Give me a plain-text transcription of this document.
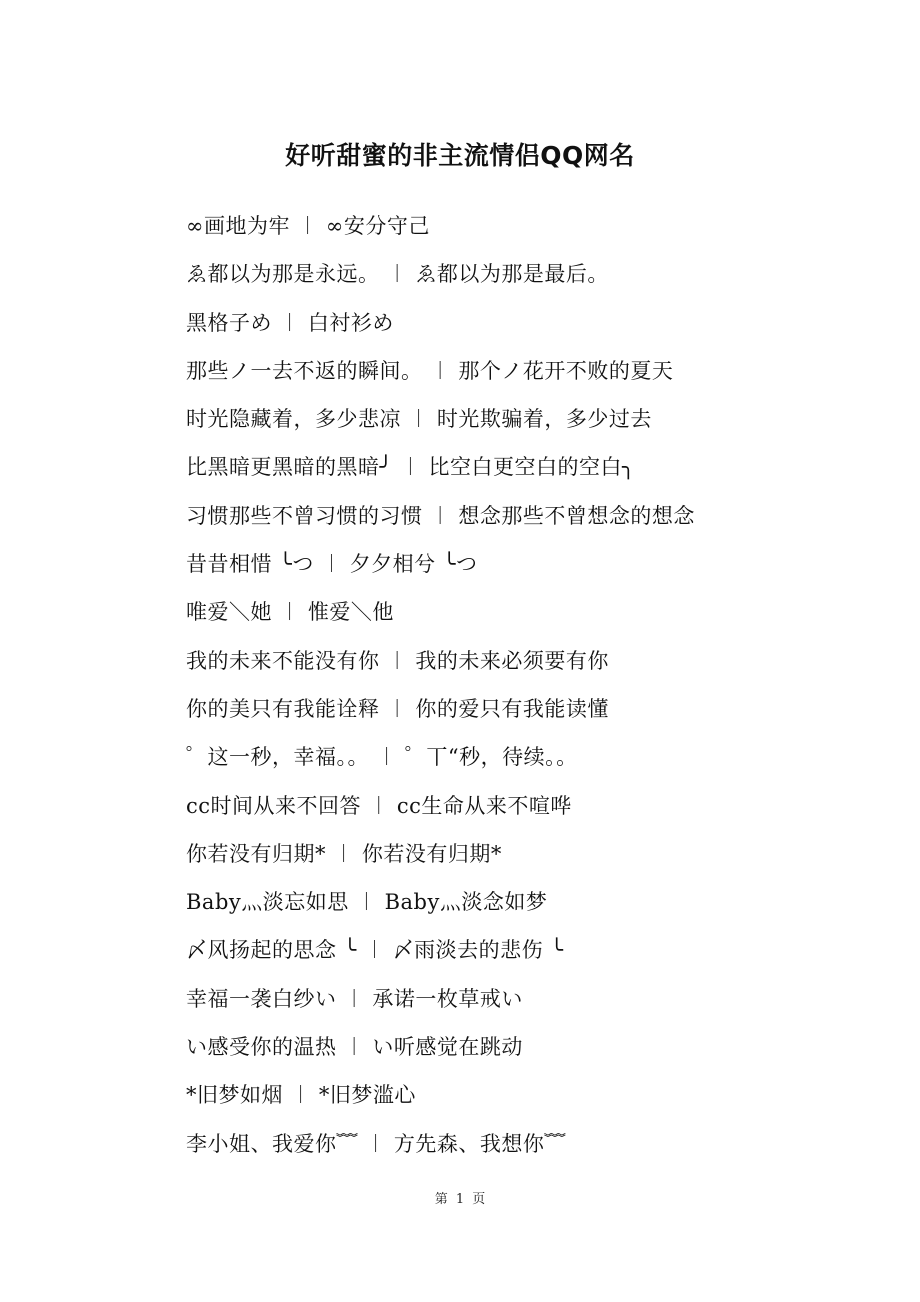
好听甜蜜的非主流情侣QQ网名
∞画地为牢 ︱ ∞安分守己
ゑ都以为那是永远。 ︱ ゑ都以为那是最后。
黑格子め ︱ 白衬衫め
那些ノ一去不返的瞬间。 ︱ 那个ノ花开不败的夏天
时光隐藏着，多少悲凉 ︱ 时光欺骗着，多少过去
比黑暗更黑暗的黑暗╯ ︱ 比空白更空白的空白╮
习惯那些不曾习惯的习惯 ︱ 想念那些不曾想念的想念
昔昔相惜 ╰つ ︱ 夕夕相兮 ╰つ
唯爱＼她 ︱ 惟爱＼他
我的未来不能没有你 ︱ 我的未来必须要有你
你的美只有我能诠释 ︱ 你的爱只有我能读懂
゜这一秒，幸福。。 ︱ ゜丅“秒，待续。。
cc时间从来不回答 ︱ cc生命从来不喧哗
你若没有归期* ︱ 你若没有归期*
Baby灬淡忘如思 ︱ Baby灬淡念如梦
〆风扬起的思念 ╰ ︱ 〆雨淡去的悲伤 ╰
幸福一袭白纱い ︱ 承诺一枚草戒い
い感受你的温热 ︱ い听感觉在跳动
*旧梦如烟 ︱ *旧梦滥心
李小姐、我爱你﹌ ︱ 方先森、我想你﹌
第 1 页
